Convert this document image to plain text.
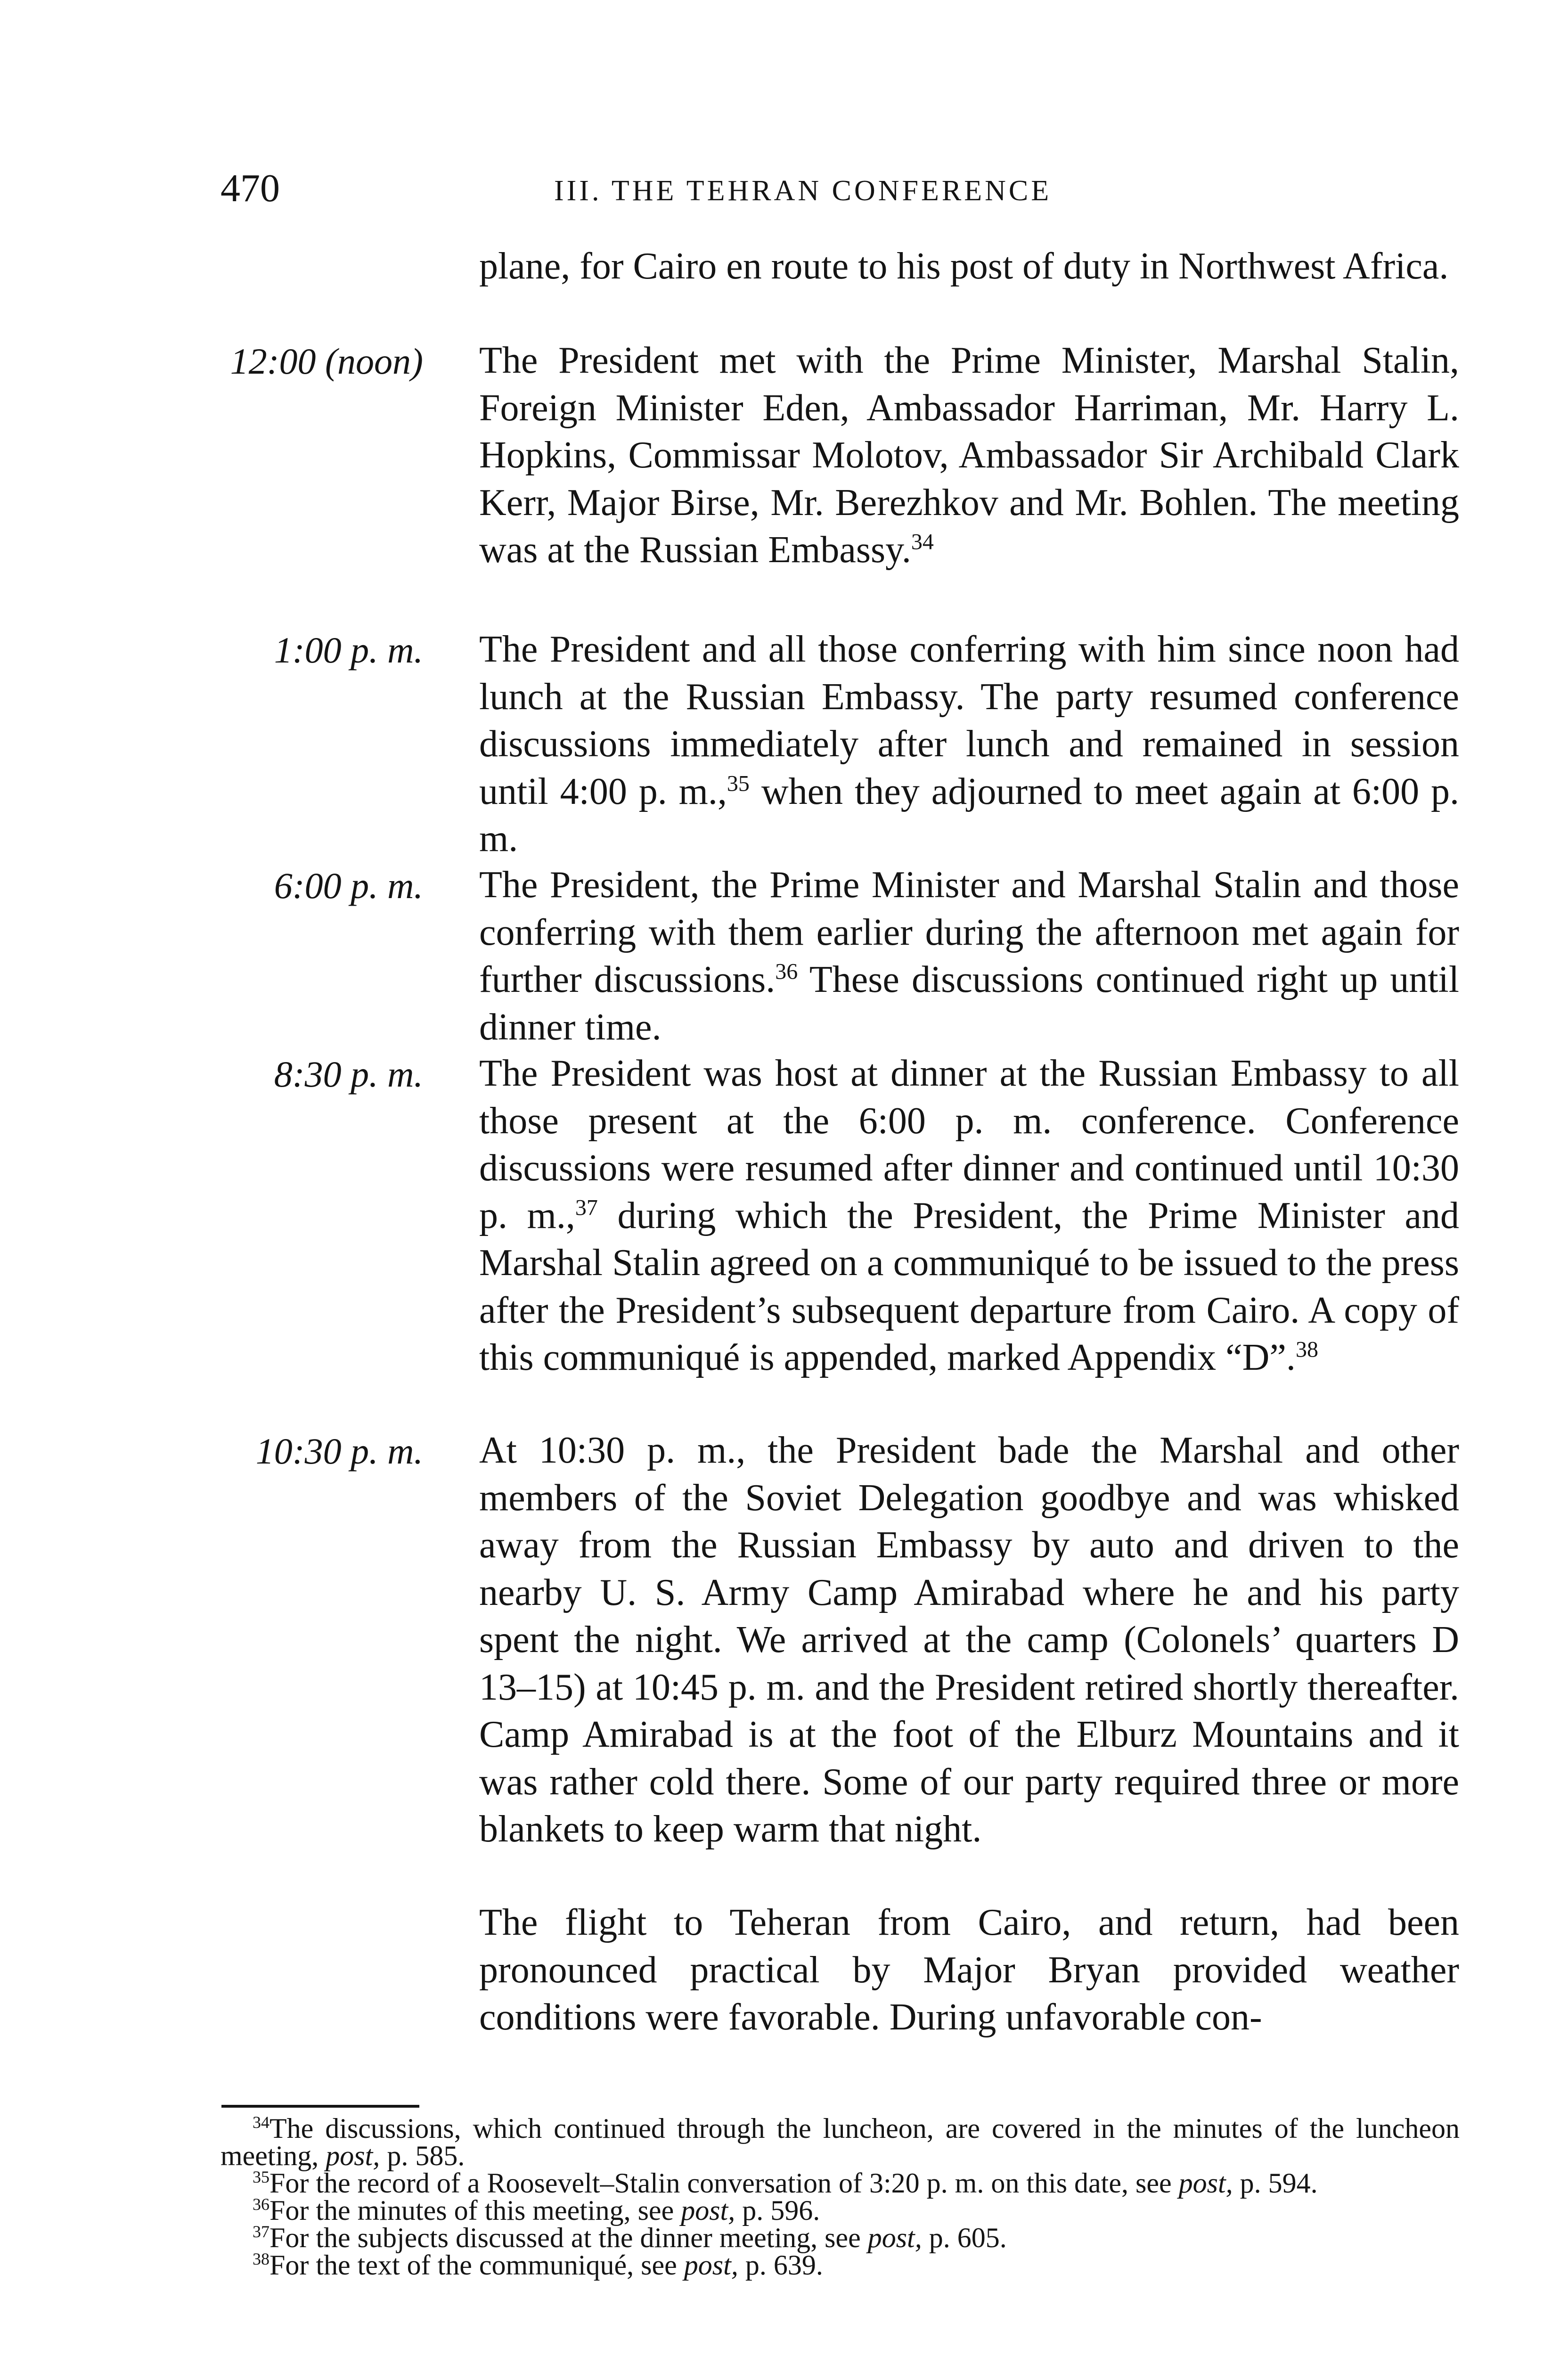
470	III. THE TEHRAN CONFERENCE
plane, for Cairo en route to his post of duty in Northwest Africa.
12:00 (noon) The President met with the Prime Minister, Marshal Stalin, Foreign Minister Eden, Ambassador Harriman, Mr. Harry L. Hopkins, Commissar Molotov, Ambassador Sir Archibald Clark Kerr, Major Birse, Mr. Berezhkov and Mr. Bohlen. The meeting was at the Russian Embassy.$^{34}$
1:00 p. m. The President and all those conferring with him since noon had lunch at the Russian Embassy. The party resumed conference discussions immediately after lunch and remained in session until 4:00 p. m.,$^{35}$ when they adjourned to meet again at 6:00 p. m.
6:00 p. m. The President, the Prime Minister and Marshal Stalin and those conferring with them earlier during the afternoon met again for further discussions.$^{36}$ These discussions continued right up until dinner time.
8:30 p. m. The President was host at dinner at the Russian Embassy to all those present at the 6:00 p. m. conference. Conference discussions were resumed after dinner and continued until 10:30 p. m.,$^{37}$ during which the President, the Prime Minister and Marshal Stalin agreed on a communiqué to be issued to the press after the President’s subsequent departure from Cairo. A copy of this communiqué is appended, marked Appendix “D”.$^{38}$
10:30 p. m. At 10:30 p. m., the President bade the Marshal and other members of the Soviet Delegation goodbye and was whisked away from the Russian Embassy by auto and driven to the nearby U. S. Army Camp Amirabad where he and his party spent the night. We arrived at the camp (Colonels’ quarters D 13–15) at 10:45 p. m. and the President retired shortly thereafter. Camp Amirabad is at the foot of the Elburz Mountains and it was rather cold there. Some of our party required three or more blankets to keep warm that night.
The flight to Teheran from Cairo, and return, had been pronounced practical by Major Bryan provided weather conditions were favorable. During unfavorable con-
$^{34}$The discussions, which continued through the luncheon, are covered in the minutes of the luncheon meeting, post, p. 585.
$^{35}$For the record of a Roosevelt–Stalin conversation of 3:20 p. m. on this date, see post, p. 594.
$^{36}$For the minutes of this meeting, see post, p. 596.
$^{37}$For the subjects discussed at the dinner meeting, see post, p. 605.
$^{38}$For the text of the communiqué, see post, p. 639.
